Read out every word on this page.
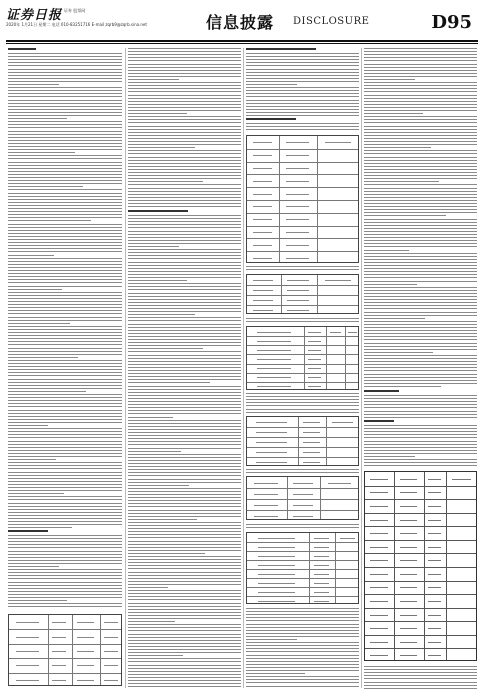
证券日报 证券 股票网
2020年 1月21日 星期二 电话 010-83251716 E-mail zqrb9@zqrb.sina.net	信息披露 DISCLOSURE	D95
